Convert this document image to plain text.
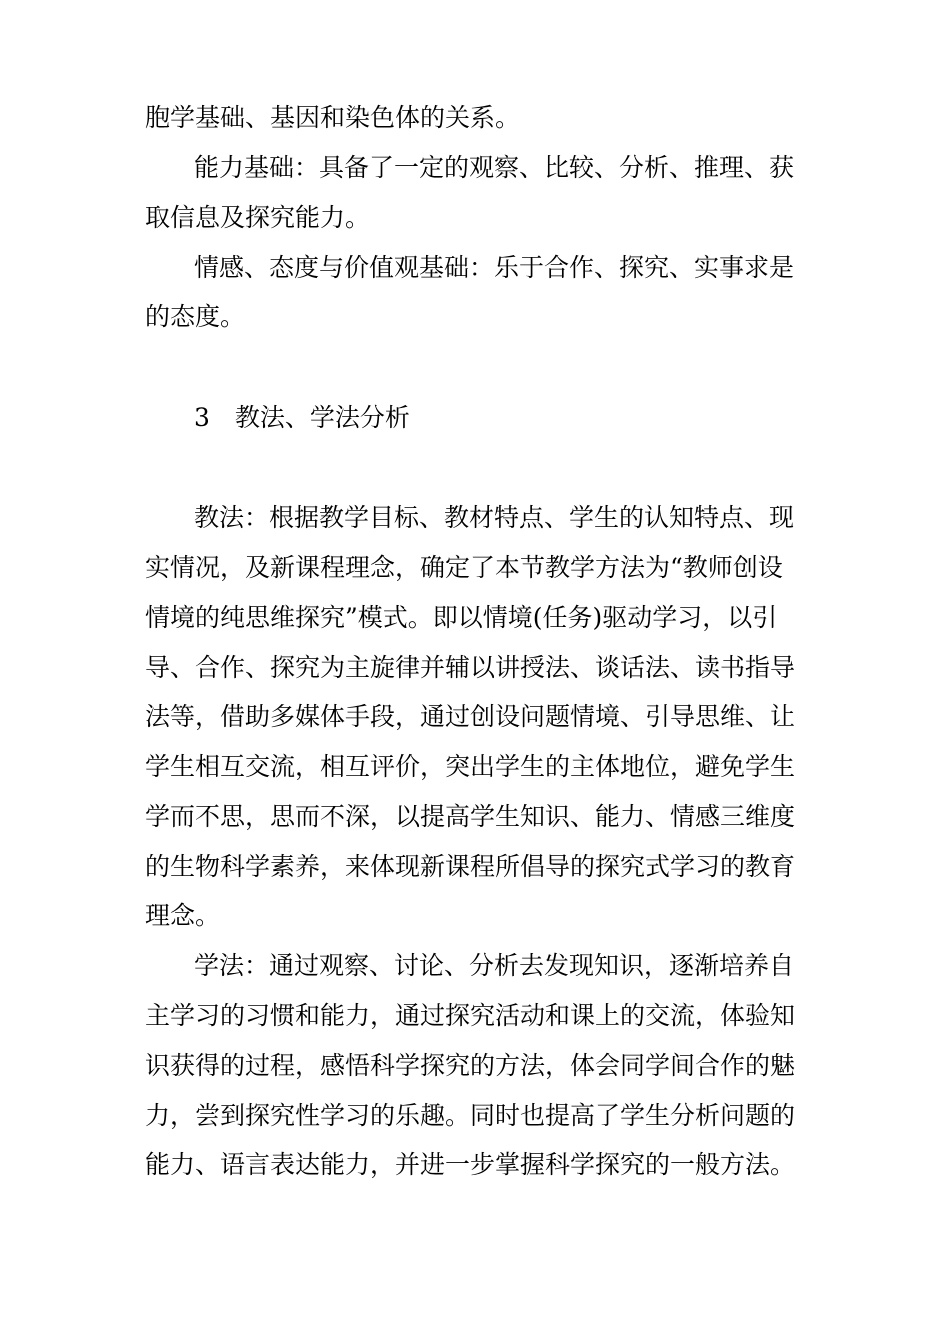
胞学基础、基因和染色体的关系。
能力基础：具备了一定的观察、比较、分析、推理、获
取信息及探究能力。
情感、态度与价值观基础：乐于合作、探究、实事求是
的态度。
3　教法、学法分析
教法：根据教学目标、教材特点、学生的认知特点、现
实情况，及新课程理念，确定了本节教学方法为“教师创设
情境的纯思维探究”模式。即以情境(任务)驱动学习，以引
导、合作、探究为主旋律并辅以讲授法、谈话法、读书指导
法等，借助多媒体手段，通过创设问题情境、引导思维、让
学生相互交流，相互评价，突出学生的主体地位，避免学生
学而不思，思而不深，以提高学生知识、能力、情感三维度
的生物科学素养，来体现新课程所倡导的探究式学习的教育
理念。
学法：通过观察、讨论、分析去发现知识，逐渐培养自
主学习的习惯和能力，通过探究活动和课上的交流，体验知
识获得的过程，感悟科学探究的方法，体会同学间合作的魅
力，尝到探究性学习的乐趣。同时也提高了学生分析问题的
能力、语言表达能力，并进一步掌握科学探究的一般方法。
